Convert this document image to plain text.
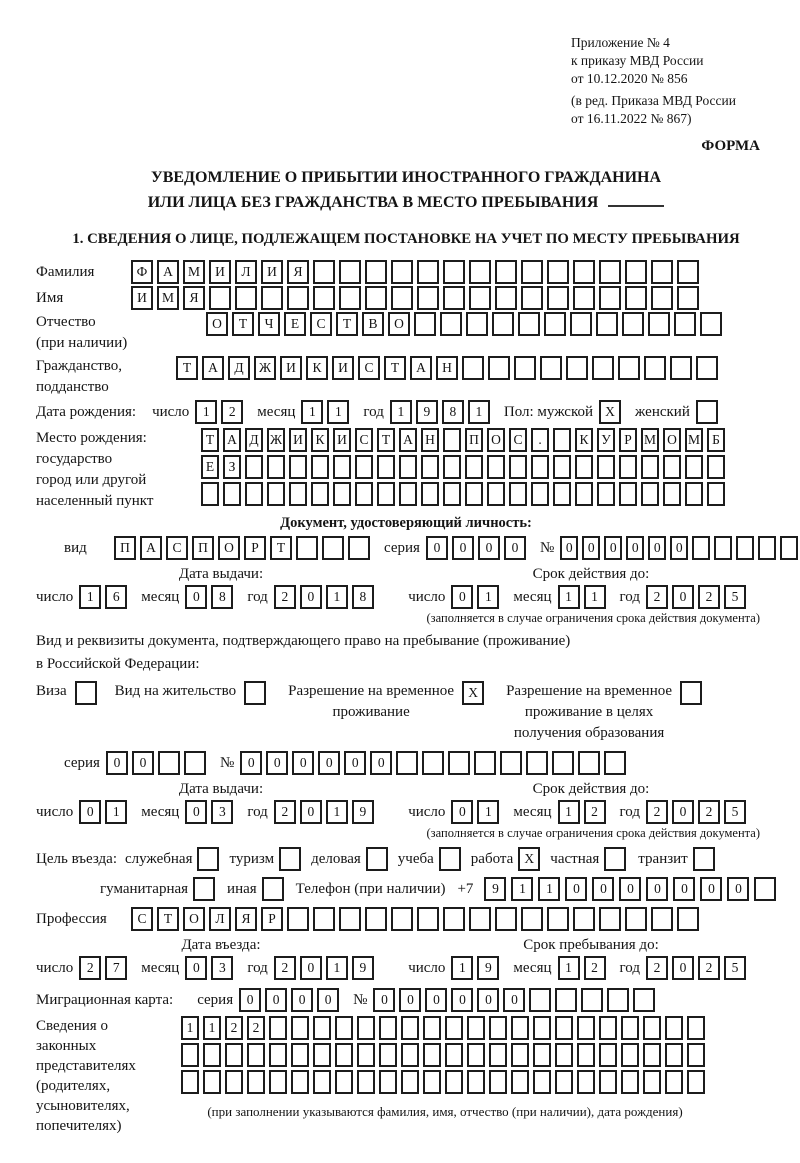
Приложение № 4
к приказу МВД России
от 10.12.2020 № 856
(в ред. Приказа МВД России
от 16.11.2022 № 867)
ФОРМА
УВЕДОМЛЕНИЕ О ПРИБЫТИИ ИНОСТРАННОГО ГРАЖДАНИНА
ИЛИ ЛИЦА БЕЗ ГРАЖДАНСТВА В МЕСТО ПРЕБЫВАНИЯ
1. СВЕДЕНИЯ О ЛИЦЕ, ПОДЛЕЖАЩЕМ ПОСТАНОВКЕ НА УЧЕТ ПО МЕСТУ ПРЕБЫВАНИЯ
Фамилия	Ф	А	М	И	Л	И	Я
Имя	И	М	Я
Отчество
(при наличии)
О	Т	Ч	Е	С	Т	В	О
Гражданство,
подданство
Т	А	Д	Ж	И	К	И	С	Т	А	Н
Дата рождения: число	1	2	месяц	1	1	год	1	9	8	1	Пол: мужской X	женский
Место рождения:
государство
город или другой
населенный пункт
Т А Д Ж И К И С Т А Н	П О С	.	К У Р М О М Б
Е	З
Документ, удостоверяющий личность:
вид	П	А	С	П	О	Р	Т	серия	0	0	0	0	№ 0	0	0	0	0	0
Дата выдачи:	Срок действия до:
число	1	6	месяц	0	8	год	2	0	1	8	число	0	1	месяц	1	1	год	2	0	2	5
(заполняется в случае ограничения срока действия документа)
Вид и реквизиты документа, подтверждающего право на пребывание (проживание)
в Российской Федерации:
Виза	Вид на жительство	Разрешение на временное
проживание
X	Разрешение на временное
проживание в целях
получения образования
серия	0	0	№	0	0	0	0	0	0
Дата выдачи:	Срок действия до:
число	0	1	месяц	0	3	год	2	0	1	9	число	0	1	месяц	1	2	год	2	0	2	5
(заполняется в случае ограничения срока действия документа)
Цель въезда: служебная туризм деловая учеба работа X	частная	транзит
гуманитарная	иная	Телефон (при наличии) +7	9	1	1	0	0	0	0	0	0	0
Профессия	С	Т	О	Л	Я	Р
Дата въезда:	Срок пребывания до:
число	2	7	месяц	0	3	год	2	0	1	9	число	1	9	месяц	1	2	год	2	0	2	5
Миграционная карта: серия	0	0	0	0	№	0	0	0	0	0	0
Сведения о
законных
представителях
(родителях,
усыновителях,
попечителях)
1	1	2	2
(при заполнении указываются фамилия, имя, отчество (при наличии), дата рождения)
